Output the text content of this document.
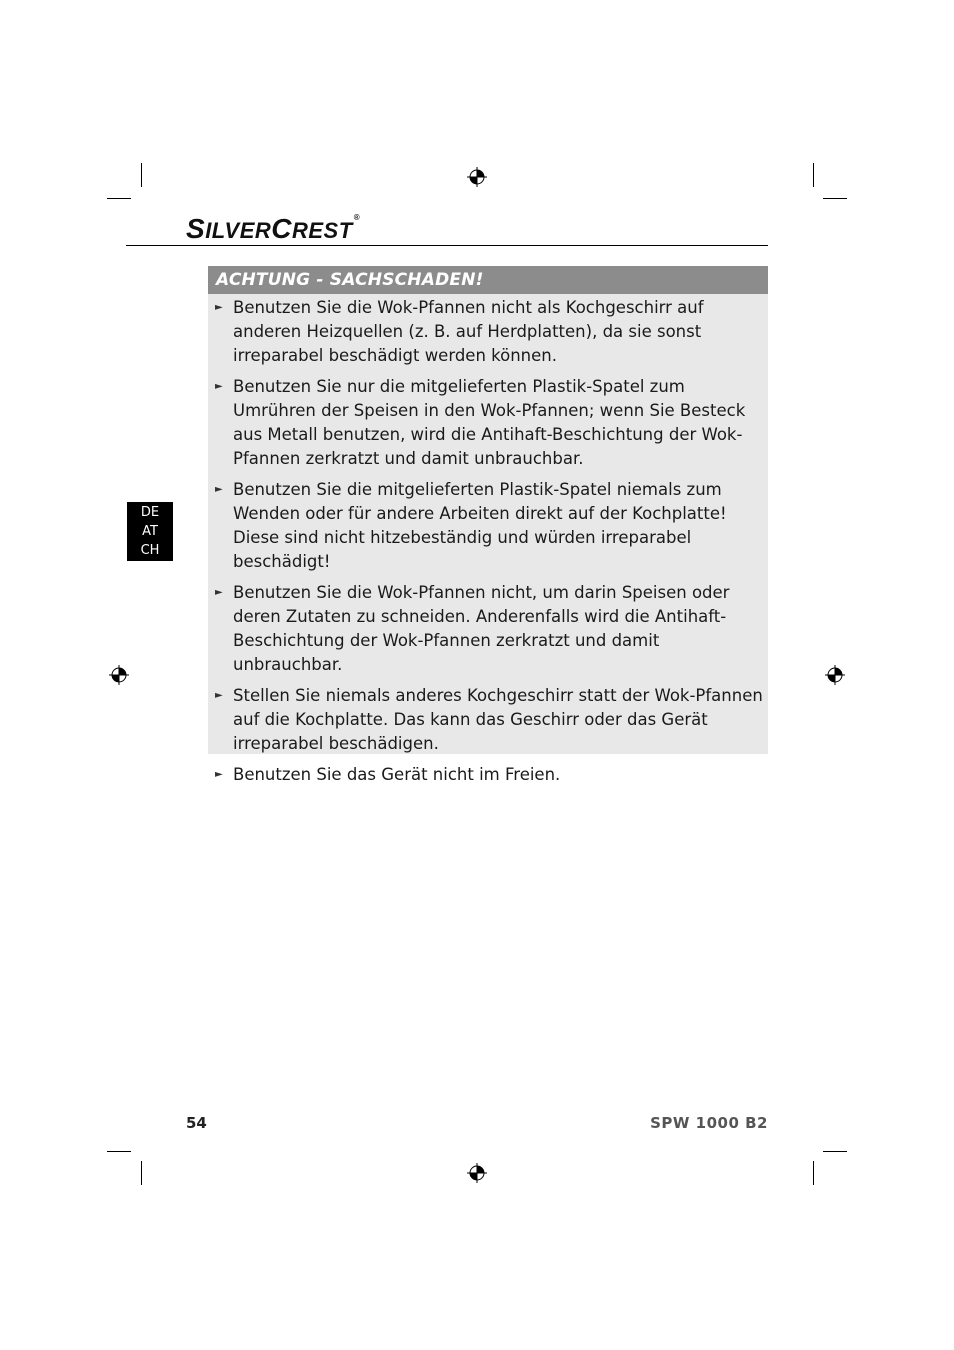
SILVERCREST®
DE
AT
CH
ACHTUNG - SACHSCHADEN!
► Benutzen Sie die Wok-Pfannen nicht als Kochgeschirr auf anderen Heizquellen (z. B. auf Herdplatten), da sie sonst irreparabel beschädigt werden können.
► Benutzen Sie nur die mitgelieferten Plastik-Spatel zum Umrühren der Speisen in den Wok-Pfannen; wenn Sie Besteck aus Metall benutzen, wird die Antihaft-Beschichtung der Wok-Pfannen zerkratzt und damit unbrauchbar.
► Benutzen Sie die mitgelieferten Plastik-Spatel niemals zum Wenden oder für andere Arbeiten direkt auf der Kochplatte! Diese sind nicht hitzebeständig und würden irreparabel beschädigt!
► Benutzen Sie die Wok-Pfannen nicht, um darin Speisen oder deren Zutaten zu schneiden. Anderenfalls wird die Antihaft-Beschichtung der Wok-Pfannen zerkratzt und damit unbrauchbar.
► Stellen Sie niemals anderes Kochgeschirr statt der Wok-Pfannen auf die Kochplatte. Das kann das Geschirr oder das Gerät irreparabel beschädigen.
► Benutzen Sie das Gerät nicht im Freien.
54	SPW 1000 B2
